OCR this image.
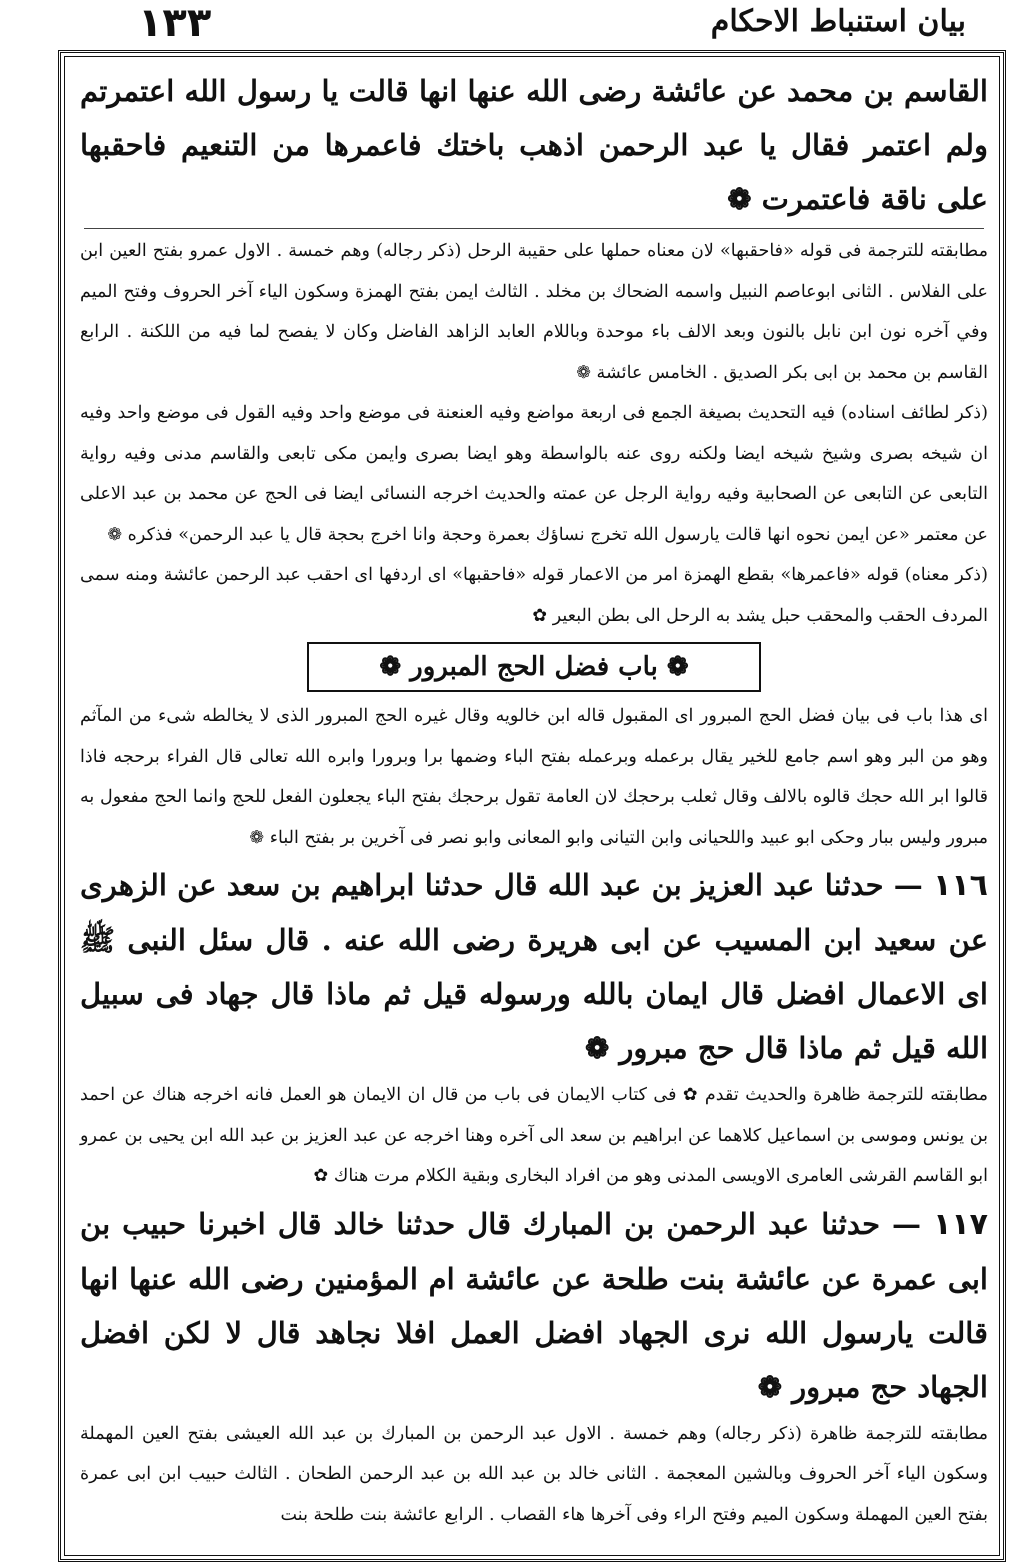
١٣٣	بيان استنباط الاحكام

القاسم بن محمد عن عائشة رضى الله عنها انها قالت يا رسول الله اعتمرتم ولم اعتمر فقال يا عبد الرحمن اذهب باختك فاعمرها من التنعيم فاحقبها على ناقة فاعتمرت ❁

مطابقته للترجمة فى قوله «فاحقبها» لان معناه حملها على حقيبة الرحل (ذكر رجاله) وهم خمسة . الاول عمرو بفتح العين ابن على الفلاس . الثانى ابوعاصم النبيل واسمه الضحاك بن مخلد . الثالث ايمن بفتح الهمزة وسكون الياء آخر الحروف وفتح الميم وفي آخره نون ابن نابل بالنون وبعد الالف باء موحدة وباللام العابد الزاهد الفاضل وكان لا يفصح لما فيه من اللكنة . الرابع القاسم بن محمد بن ابى بكر الصديق . الخامس عائشة ❁

(ذكر لطائف اسناده) فيه التحديث بصيغة الجمع فى اربعة مواضع وفيه العنعنة فى موضع واحد وفيه القول فى موضع واحد وفيه ان شيخه بصرى وشيخ شيخه ايضا ولكنه روى عنه بالواسطة وهو ايضا بصرى وايمن مكى تابعى والقاسم مدنى وفيه رواية التابعى عن التابعى عن الصحابية وفيه رواية الرجل عن عمته والحديث اخرجه النسائى ايضا فى الحج عن محمد بن عبد الاعلى عن معتمر «عن ايمن نحوه انها قالت يارسول الله تخرج نساؤك بعمرة وحجة وانا اخرج بحجة قال يا عبد الرحمن» فذكره ❁

(ذكر معناه) قوله «فاعمرها» بقطع الهمزة امر من الاعمار قوله «فاحقبها» اى اردفها اى احقب عبد الرحمن عائشة ومنه سمى المردف الحقب والمحقب حبل يشد به الرحل الى بطن البعير ✿

❁ باب فضل الحج المبرور ❁

اى هذا باب فى بيان فضل الحج المبرور اى المقبول قاله ابن خالويه وقال غيره الحج المبرور الذى لا يخالطه شىء من المآثم وهو من البر وهو اسم جامع للخير يقال برعمله وبرعمله بفتح الباء وضمها برا وبرورا وابره الله تعالى قال الفراء برحجه فاذا قالوا ابر الله حجك قالوه بالالف وقال ثعلب برحجك لان العامة تقول برحجك بفتح الباء يجعلون الفعل للحج وانما الحج مفعول به مبرور وليس ببار وحكى ابو عبيد واللحيانى وابن التيانى وابو المعانى وابو نصر فى آخرين بر بفتح الباء ❁

١١٦ — حدثنا عبد العزيز بن عبد الله قال حدثنا ابراهيم بن سعد عن الزهرى عن سعيد ابن المسيب عن ابى هريرة رضى الله عنه . قال سئل النبى ﷺ اى الاعمال افضل قال ايمان بالله ورسوله قيل ثم ماذا قال جهاد فى سبيل الله قيل ثم ماذا قال حج مبرور ❁

مطابقته للترجمة ظاهرة والحديث تقدم ✿ فى كتاب الايمان فى باب من قال ان الايمان هو العمل فانه اخرجه هناك عن احمد بن يونس وموسى بن اسماعيل كلاهما عن ابراهيم بن سعد الى آخره وهنا اخرجه عن عبد العزيز بن عبد الله ابن يحيى بن عمرو ابو القاسم القرشى العامرى الاويسى المدنى وهو من افراد البخارى وبقية الكلام مرت هناك ✿

١١٧ — حدثنا عبد الرحمن بن المبارك قال حدثنا خالد قال اخبرنا حبيب بن ابى عمرة عن عائشة بنت طلحة عن عائشة ام المؤمنين رضى الله عنها انها قالت يارسول الله نرى الجهاد افضل العمل افلا نجاهد قال لا لكن افضل الجهاد حج مبرور ❁

مطابقته للترجمة ظاهرة (ذكر رجاله) وهم خمسة . الاول عبد الرحمن بن المبارك بن عبد الله العيشى بفتح العين المهملة وسكون الياء آخر الحروف وبالشين المعجمة . الثانى خالد بن عبد الله بن عبد الرحمن الطحان . الثالث حبيب ابن ابى عمرة بفتح العين المهملة وسكون الميم وفتح الراء وفى آخرها هاء القصاب . الرابع عائشة بنت طلحة بنت
